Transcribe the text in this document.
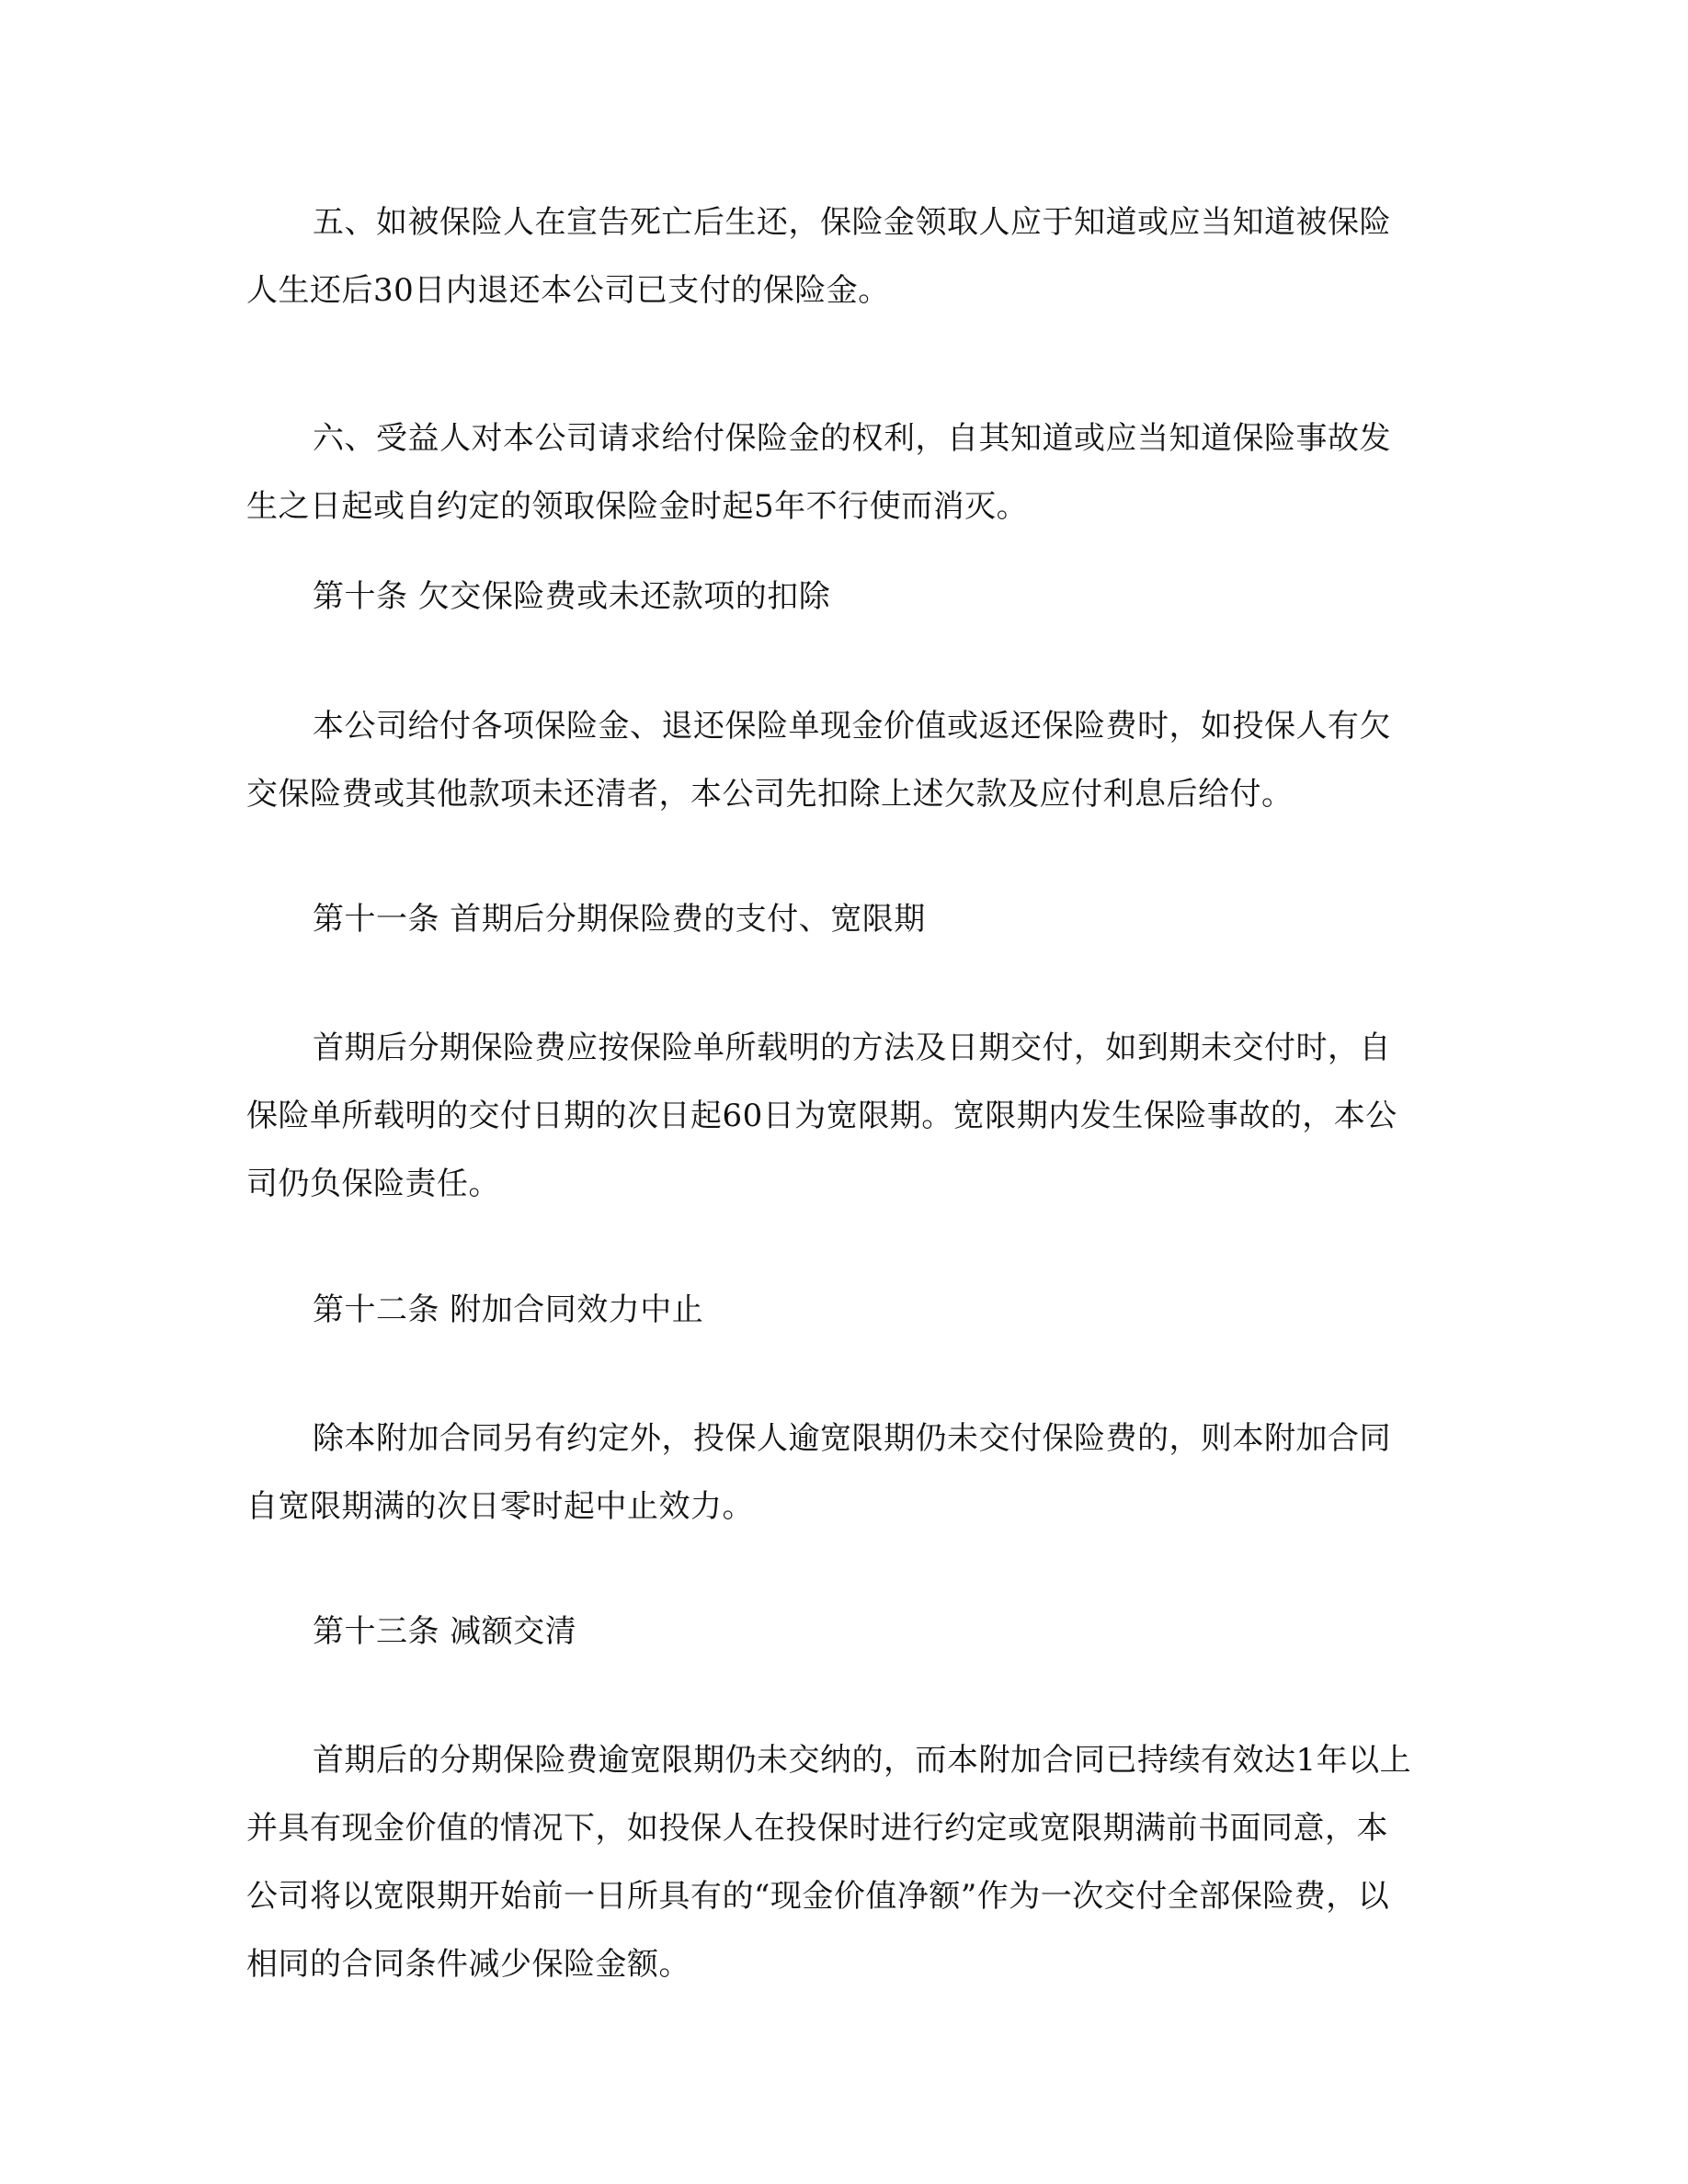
五、如被保险人在宣告死亡后生还，保险金领取人应于知道或应当知道被保险
人生还后30日内退还本公司已支付的保险金。
六、受益人对本公司请求给付保险金的权利，自其知道或应当知道保险事故发
生之日起或自约定的领取保险金时起5年不行使而消灭。
第十条 欠交保险费或未还款项的扣除
本公司给付各项保险金、退还保险单现金价值或返还保险费时，如投保人有欠
交保险费或其他款项未还清者，本公司先扣除上述欠款及应付利息后给付。
第十一条 首期后分期保险费的支付、宽限期
首期后分期保险费应按保险单所载明的方法及日期交付，如到期未交付时，自
保险单所载明的交付日期的次日起60日为宽限期。宽限期内发生保险事故的，本公
司仍负保险责任。
第十二条 附加合同效力中止
除本附加合同另有约定外，投保人逾宽限期仍未交付保险费的，则本附加合同
自宽限期满的次日零时起中止效力。
第十三条 减额交清
首期后的分期保险费逾宽限期仍未交纳的，而本附加合同已持续有效达1年以上
并具有现金价值的情况下，如投保人在投保时进行约定或宽限期满前书面同意，本
公司将以宽限期开始前一日所具有的“现金价值净额”作为一次交付全部保险费，以
相同的合同条件减少保险金额。
